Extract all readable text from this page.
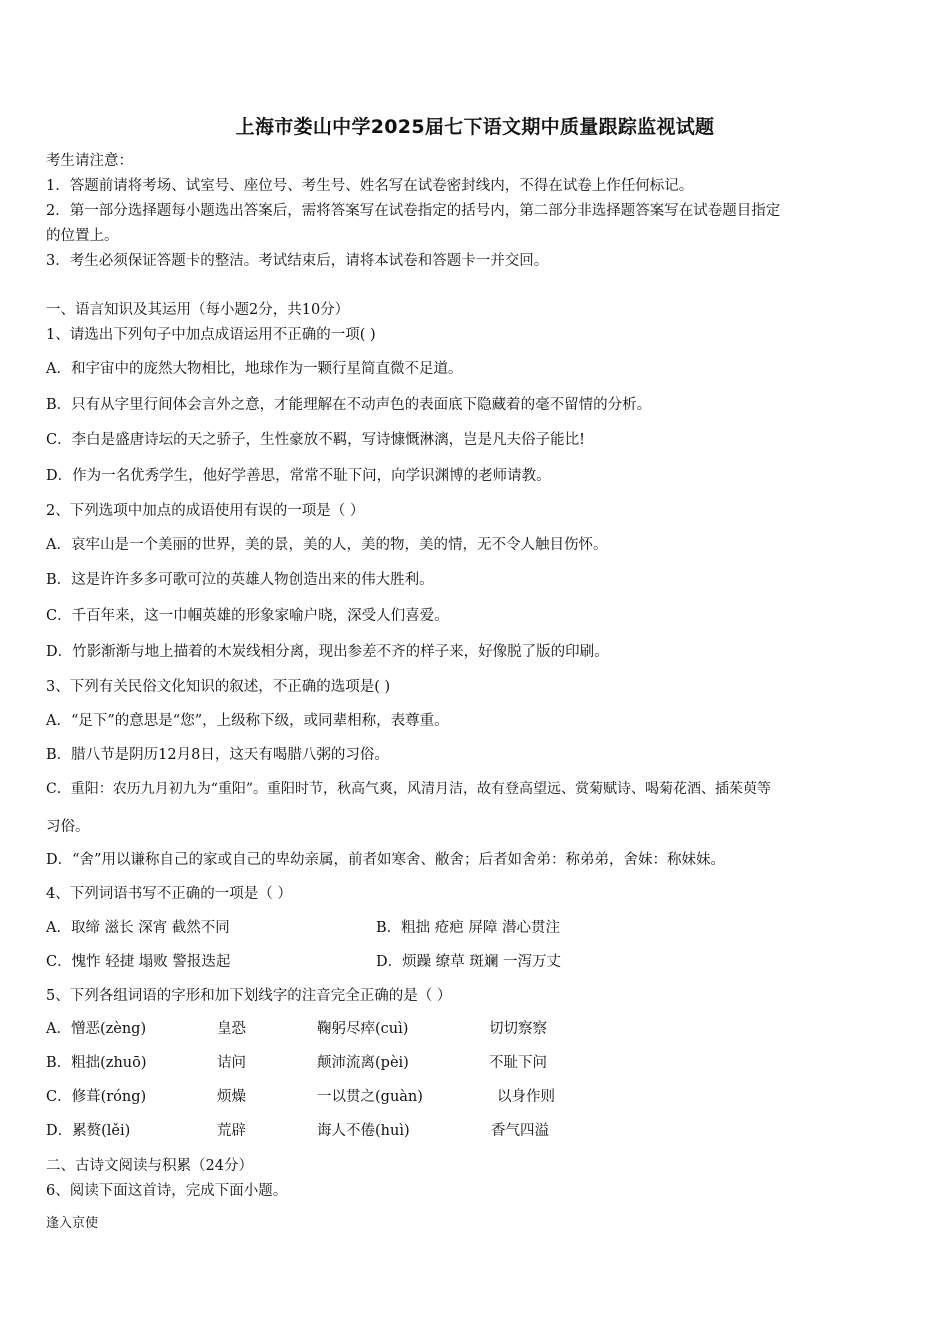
上海市娄山中学2025届七下语文期中质量跟踪监视试题
考生请注意：
1．答题前请将考场、试室号、座位号、考生号、姓名写在试卷密封线内，不得在试卷上作任何标记。
2．第一部分选择题每小题选出答案后，需将答案写在试卷指定的括号内，第二部分非选择题答案写在试卷题目指定
的位置上。
3．考生必须保证答题卡的整洁。考试结束后，请将本试卷和答题卡一并交回。
一、语言知识及其运用（每小题2分，共10分）
1、请选出下列句子中加点成语运用不正确的一项( )
A．和宇宙中的庞然大物相比，地球作为一颗行星简直微不足道。
B．只有从字里行间体会言外之意，才能理解在不动声色的表面底下隐藏着的毫不留情的分析。
C．李白是盛唐诗坛的天之骄子，生性豪放不羁，写诗慷慨淋漓，岂是凡夫俗子能比!
D．作为一名优秀学生，他好学善思，常常不耻下问，向学识渊博的老师请教。
2、下列选项中加点的成语使用有误的一项是（ ）
A．哀牢山是一个美丽的世界，美的景，美的人，美的物，美的情，无不令人触目伤怀。
B．这是许许多多可歌可泣的英雄人物创造出来的伟大胜利。
C．千百年来，这一巾帼英雄的形象家喻户晓，深受人们喜爱。
D．竹影渐渐与地上描着的木炭线相分离，现出参差不齐的样子来，好像脱了版的印刷。
3、下列有关民俗文化知识的叙述，不正确的选项是( )
A．“足下”的意思是“您”，上级称下级，或同辈相称，表尊重。
B．腊八节是阴历12月8日，这天有喝腊八粥的习俗。
C．重阳：农历九月初九为“重阳”。重阳时节，秋高气爽，风清月洁，故有登高望远、赏菊赋诗、喝菊花酒、插茱萸等
习俗。
D．“舍”用以谦称自己的家或自己的卑幼亲属，前者如寒舍、敝舍；后者如舍弟：称弟弟，舍妹：称妹妹。
4、下列词语书写不正确的一项是（ ）
A．取缔 滋长 深宵 截然不同	B．粗拙 疮疤 屏障 潜心贯注
C．愧怍 轻捷 塌败 警报迭起	D．烦躁 缭草 斑斓 一泻万丈
5、下列各组词语的字形和加下划线字的注音完全正确的是（ ）
A．憎恶(zèng)	皇恐	鞠躬尽瘁(cuì)	切切察察
B．粗拙(zhuō)	诘问	颠沛流离(pèi)	不耻下问
C．修葺(róng)	烦燥	一以贯之(guàn)	以身作则
D．累赘(lěi)	荒辟	诲人不倦(huì)	香气四溢
二、古诗文阅读与积累（24分）
6、阅读下面这首诗，完成下面小题。
逢入京使
